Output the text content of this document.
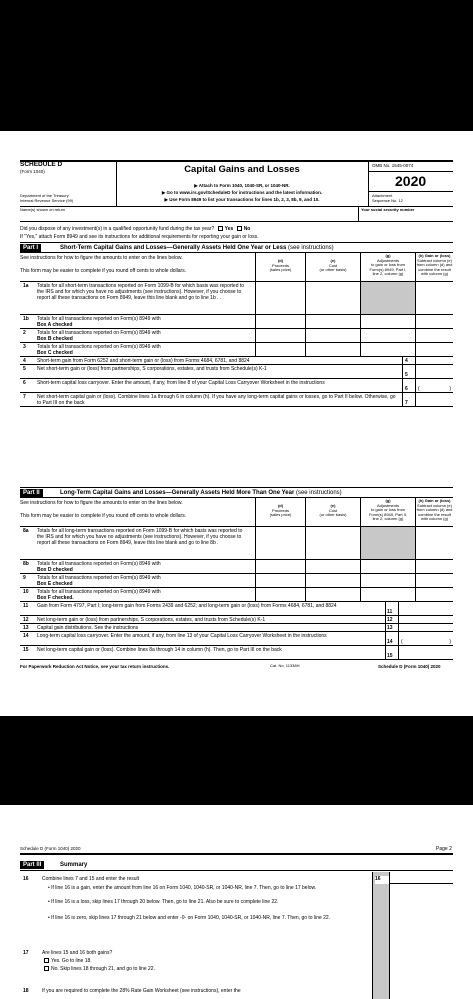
SCHEDULE D
(Form 1040)
Department of the Treasury
Internal Revenue Service (99)
Capital Gains and Losses
▶ Attach to Form 1040, 1040-SR, or 1040-NR.
▶ Go to www.irs.gov/ScheduleD for instructions and the latest information.
▶ Use Form 8949 to list your transactions for lines 1b, 2, 3, 8b, 9, and 10.
OMB No. 1545-0074
2020
Attachment
Sequence No. 12
Name(s) shown on return	Your social security number
Did you dispose of any investment(s) in a qualified opportunity fund during the tax year? Yes No
If "Yes," attach Form 8949 and see its instructions for additional requirements for reporting your gain or loss.
Part I	Short-Term Capital Gains and Losses—Generally Assets Held One Year or Less (see instructions)
See instructions for how to figure the amounts to enter on the lines below.
This form may be easier to complete if you round off cents to whole dollars.
(d)
Proceeds
(sales price)
(e)
Cost
(or other basis)
(g)
Adjustments
to gain or loss from
Form(s) 8949, Part I,
line 2, column (g)
(h) Gain or (loss)
Subtract column (e)
from column (d) and
combine the result
with column (g)
1a Totals for all short-term transactions reported on Form 1099-B for which basis was reported to the IRS and for which you have no adjustments (see instructions). However, if you choose to report all these transactions on Form 8949, leave this line blank and go to line 1b . .
1b Totals for all transactions reported on Form(s) 8949 with
Box A checked
2 Totals for all transactions reported on Form(s) 8949 with
Box B checked
3 Totals for all transactions reported on Form(s) 8949 with
Box C checked
4 Short-term gain from Form 6252 and short-term gain or (loss) from Forms 4684, 6781, and 8824	4
5 Net short-term gain or (loss) from partnerships, S corporations, estates, and trusts from Schedule(s) K-1
5
6 Short-term capital loss carryover. Enter the amount, if any, from line 8 of your Capital Loss Carryover Worksheet in the instructions
6	(	)
7 Net short-term capital gain or (loss). Combine lines 1a through 6 in column (h). If you have any long-term capital gains or losses, go to Part II below. Otherwise, go to Part III on the back	7
Part II	Long-Term Capital Gains and Losses—Generally Assets Held More Than One Year (see instructions)
See instructions for how to figure the amounts to enter on the lines below.
This form may be easier to complete if you round off cents to whole dollars.
(d)
Proceeds
(sales price)
(e)
Cost
(or other basis)
(g)
Adjustments
to gain or loss from
Form(s) 8949, Part II,
line 2, column (g)
(h) Gain or (loss)
Subtract column (e)
from column (d) and
combine the result
with column (g)
8a Totals for all long-term transactions reported on Form 1099-B for which basis was reported to the IRS and for which you have no adjustments (see instructions). However, if you choose to report all these transactions on Form 8949, leave this line blank and go to line 8b .
8b Totals for all transactions reported on Form(s) 8949 with
Box D checked
9 Totals for all transactions reported on Form(s) 8949 with
Box E checked
10 Totals for all transactions reported on Form(s) 8949 with
Box F checked.
11 Gain from Form 4797, Part I; long-term gain from Forms 2439 and 6252; and long-term gain or (loss) from Forms 4684, 6781, and 8824
11
12 Net long-term gain or (loss) from partnerships, S corporations, estates, and trusts from Schedule(s) K-1	12
13 Capital gain distributions. See the instructions	13
14 Long-term capital loss carryover. Enter the amount, if any, from line 13 of your Capital Loss Carryover Worksheet in the instructions
14	(	)
15 Net long-term capital gain or (loss). Combine lines 8a through 14 in column (h). Then, go to Part III on the back
15
For Paperwork Reduction Act Notice, see your tax return instructions.	Cat. No. 11338H	Schedule D (Form 1040) 2020
Schedule D (Form 1040) 2020	Page 2
Part III	Summary
16	Combine lines 7 and 15 and enter the result	16
• If line 16 is a gain, enter the amount from line 16 on Form 1040, 1040-SR, or 1040-NR, line 7. Then, go to line 17 below.
• If line 16 is a loss, skip lines 17 through 20 below. Then, go to line 21. Also be sure to complete line 22.
• If line 16 is zero, skip lines 17 through 21 below and enter -0- on Form 1040, 1040-SR, or 1040-NR, line 7. Then, go to line 22.
17	Are lines 15 and 16 both gains?
Yes. Go to line 18.
No. Skip lines 18 through 21, and go to line 22.
18	If you are required to complete the 28% Rate Gain Worksheet (see instructions), enter the
